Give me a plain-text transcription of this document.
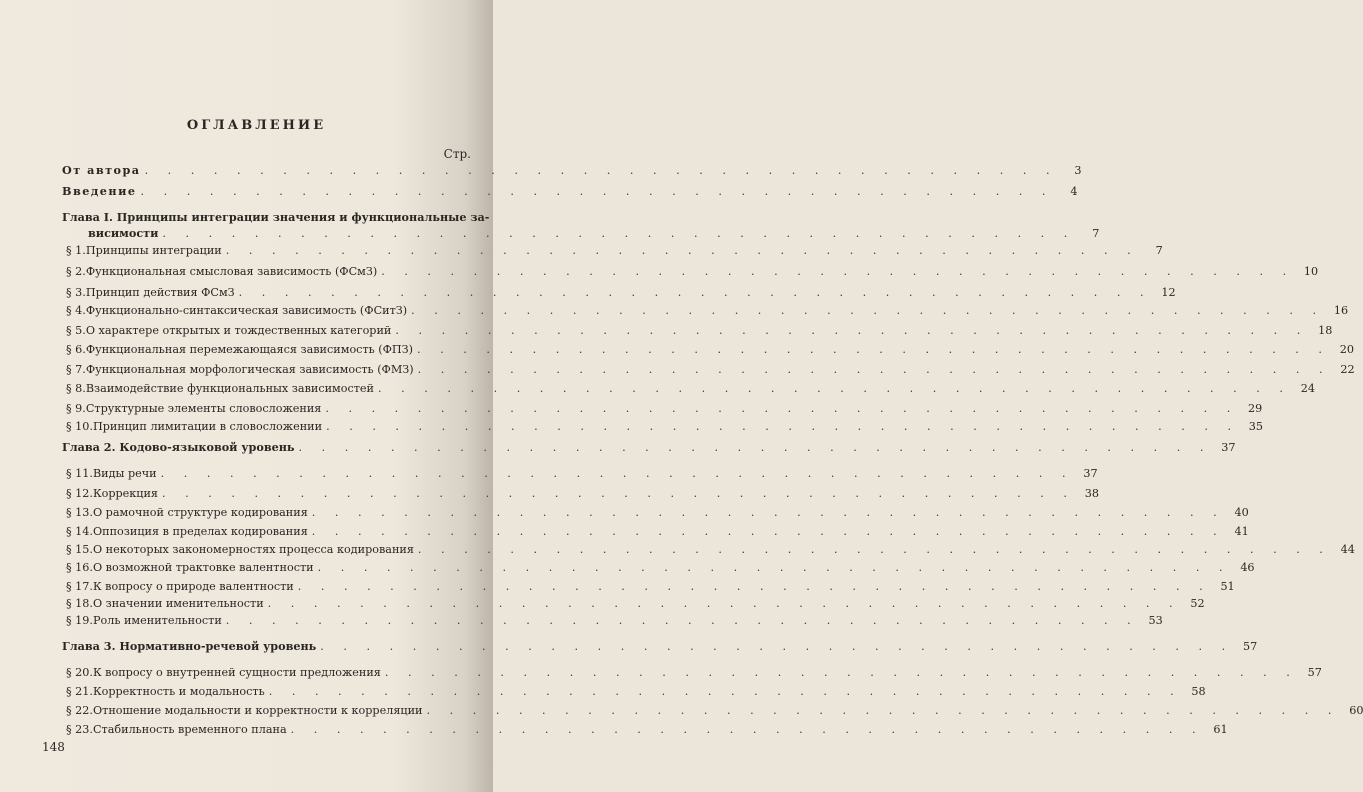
ОГЛАВЛЕНИЕ
Стр.
От автора . . . . . . . . . . . . . . . . . . . . . . . . . . . . . . . . . . . . . . . .	3
Введение . . . . . . . . . . . . . . . . . . . . . . . . . . . . . . . . . . . . . . . .	4
Глава I. Принципы интеграции значения и функциональные за-
висимости . . . . . . . . . . . . . . . . . . . . . . . . . . . . . . . . . . . . . . . .	7
§ 1. Принципы интеграции . . . . . . . . . . . . . . . . . . . . . . . . . . . . . . . . . . . . . . . .	7
§ 2. Функциональная смысловая зависимость (ФСмЗ) . . . . . . . . . . . . . . . . . . . . . . . . . . . . . . . . . . . . . . . . 10
§ 3. Принцип действия ФСмЗ . . . . . . . . . . . . . . . . . . . . . . . . . . . . . . . . . . . . . . . . 12
§ 4. Функционально-синтаксическая зависимость (ФСитЗ) . . . . . . . . . . . . . . . . . . . . . . . . . . . . . . . . . . . . . . . . 16
§ 5. О характере открытых и тождественных категорий . . . . . . . . . . . . . . . . . . . . . . . . . . . . . . . . . . . . . . . . 18
§ 6. Функциональная перемежающаяся зависимость (ФПЗ) . . . . . . . . . . . . . . . . . . . . . . . . . . . . . . . . . . . . . . . . 20
§ 7. Функциональная морфологическая зависимость (ФМЗ) . . . . . . . . . . . . . . . . . . . . . . . . . . . . . . . . . . . . . . . . 22
§ 8. Взаимодействие функциональных зависимостей . . . . . . . . . . . . . . . . . . . . . . . . . . . . . . . . . . . . . . . . 24
§ 9. Структурные элементы словосложения . . . . . . . . . . . . . . . . . . . . . . . . . . . . . . . . . . . . . . . . 29
§ 10. Принцип лимитации в словосложении . . . . . . . . . . . . . . . . . . . . . . . . . . . . . . . . . . . . . . . . 35
Глава 2. Кодово-языковой уровень . . . . . . . . . . . . . . . . . . . . . . . . . . . . . . . . . . . . . . . . 37
§ 11. Виды речи . . . . . . . . . . . . . . . . . . . . . . . . . . . . . . . . . . . . . . . . 37
§ 12. Коррекция . . . . . . . . . . . . . . . . . . . . . . . . . . . . . . . . . . . . . . . . 38
§ 13. О рамочной структуре кодирования . . . . . . . . . . . . . . . . . . . . . . . . . . . . . . . . . . . . . . . . 40
§ 14. Оппозиция в пределах кодирования . . . . . . . . . . . . . . . . . . . . . . . . . . . . . . . . . . . . . . . . 41
§ 15. О некоторых закономерностях процесса кодирования . . . . . . . . . . . . . . . . . . . . . . . . . . . . . . . . . . . . . . . . 44
§ 16. О возможной трактовке валентности . . . . . . . . . . . . . . . . . . . . . . . . . . . . . . . . . . . . . . . . 46
§ 17. К вопросу о природе валентности . . . . . . . . . . . . . . . . . . . . . . . . . . . . . . . . . . . . . . . . 51
§ 18. О значении именительности . . . . . . . . . . . . . . . . . . . . . . . . . . . . . . . . . . . . . . . . 52
§ 19. Роль именительности . . . . . . . . . . . . . . . . . . . . . . . . . . . . . . . . . . . . . . . . 53
Глава 3. Нормативно-речевой уровень . . . . . . . . . . . . . . . . . . . . . . . . . . . . . . . . . . . . . . . . 57
§ 20. К вопросу о внутренней сущности предложения . . . . . . . . . . . . . . . . . . . . . . . . . . . . . . . . . . . . . . . . 57
§ 21. Корректность и модальность . . . . . . . . . . . . . . . . . . . . . . . . . . . . . . . . . . . . . . . . 58
§ 22. Отношение модальности и корректности к корреляции . . . . . . . . . . . . . . . . . . . . . . . . . . . . . . . . . . . . . . . . 60
§ 23. Стабильность временного плана . . . . . . . . . . . . . . . . . . . . . . . . . . . . . . . . . . . . . . . . 61
148
